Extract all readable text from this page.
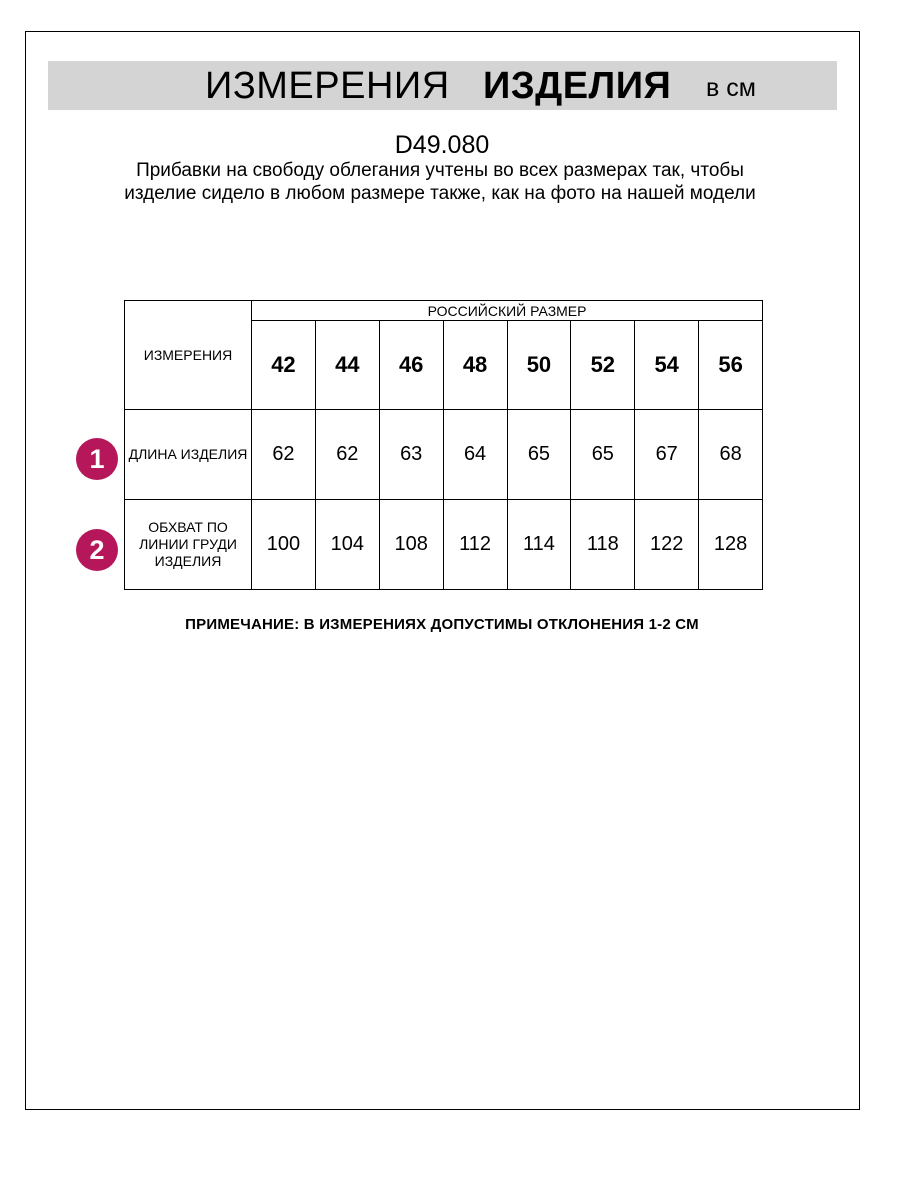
ИЗМЕРЕНИЯ ИЗДЕЛИЯ в см
D49.080
Прибавки на свободу облегания учтены во всех размерах так, чтобы изделие сидело в любом размере также, как на фото на нашей модели
ИЗМЕРЕНИЯ	РОССИЙСКИЙ РАЗМЕР							
	42	44	46	48	50	52	54	56
ДЛИНА ИЗДЕЛИЯ	62	62	63	64	65	65	67	68
ОБХВАТ ПО ЛИНИИ ГРУДИ ИЗДЕЛИЯ	100	104	108	112	114	118	122	128
1
2
ПРИМЕЧАНИЕ: В ИЗМЕРЕНИЯХ ДОПУСТИМЫ ОТКЛОНЕНИЯ 1-2 СМ
